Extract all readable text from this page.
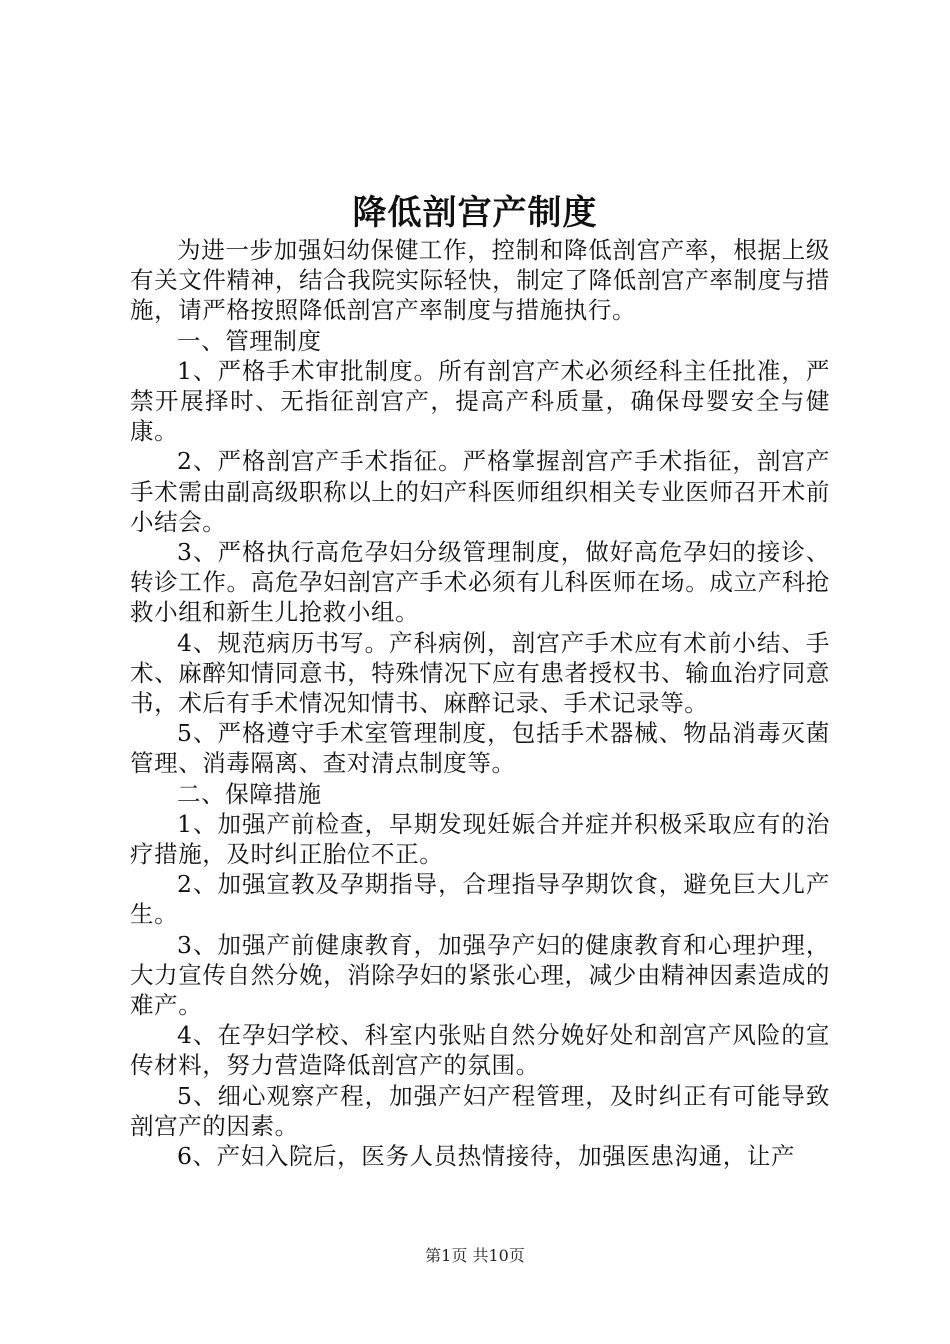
降低剖宫产制度

为进一步加强妇幼保健工作，控制和降低剖宫产率，根据上级有关文件精神，结合我院实际轻快，制定了降低剖宫产率制度与措施，请严格按照降低剖宫产率制度与措施执行。

一、管理制度

1、严格手术审批制度。所有剖宫产术必须经科主任批准，严禁开展择时、无指征剖宫产，提高产科质量，确保母婴安全与健康。

2、严格剖宫产手术指征。严格掌握剖宫产手术指征，剖宫产手术需由副高级职称以上的妇产科医师组织相关专业医师召开术前小结会。

3、严格执行高危孕妇分级管理制度，做好高危孕妇的接诊、转诊工作。高危孕妇剖宫产手术必须有儿科医师在场。成立产科抢救小组和新生儿抢救小组。

4、规范病历书写。产科病例，剖宫产手术应有术前小结、手术、麻醉知情同意书，特殊情况下应有患者授权书、输血治疗同意书，术后有手术情况知情书、麻醉记录、手术记录等。

5、严格遵守手术室管理制度，包括手术器械、物品消毒灭菌管理、消毒隔离、查对清点制度等。

二、保障措施

1、加强产前检查，早期发现妊娠合并症并积极采取应有的治疗措施，及时纠正胎位不正。

2、加强宣教及孕期指导，合理指导孕期饮食，避免巨大儿产生。

3、加强产前健康教育，加强孕产妇的健康教育和心理护理，大力宣传自然分娩，消除孕妇的紧张心理，减少由精神因素造成的难产。

4、在孕妇学校、科室内张贴自然分娩好处和剖宫产风险的宣传材料，努力营造降低剖宫产的氛围。

5、细心观察产程，加强产妇产程管理，及时纠正有可能导致剖宫产的因素。

6、产妇入院后，医务人员热情接待，加强医患沟通，让产

第1页 共10页
